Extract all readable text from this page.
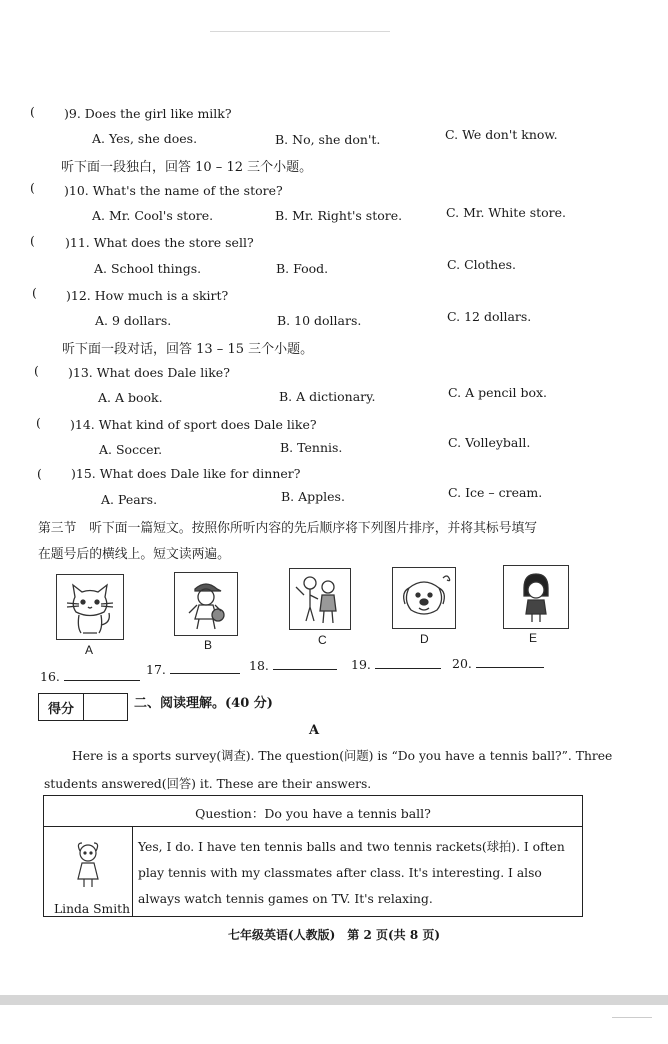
( )9. Does the girl like milk?
A. Yes, she does.	B. No, she don't.	C. We don't know.
听下面一段独白，回答 10 – 12 三个小题。
( )10. What's the name of the store?
A. Mr. Cool's store.	B. Mr. Right's store.	C. Mr. White store.
( )11. What does the store sell?
A. School things.	B. Food.	C. Clothes.
( )12. How much is a skirt?
A. 9 dollars.	B. 10 dollars.	C. 12 dollars.
听下面一段对话，回答 13 – 15 三个小题。
( )13. What does Dale like?
A. A book.	B. A dictionary.	C. A pencil box.
( )14. What kind of sport does Dale like?
A. Soccer.	B. Tennis.	C. Volleyball.
( )15. What does Dale like for dinner?
A. Pears.	B. Apples.	C. Ice – cream.
第三节　听下面一篇短文。按照你所听内容的先后顺序将下列图片排序，并将其标号填写
在题号后的横线上。短文读两遍。
A	B	C	D	E
16.	17.	18.	19.	20.
得分	二、阅读理解。(40 分)
A
Here is a sports survey(调查). The question(问题) is “Do you have a tennis ball?”. Three
students answered(回答) it. These are their answers.
Question：Do you have a tennis ball?
Linda Smith
Yes, I do. I have ten tennis balls and two tennis rackets(球拍). I often play tennis with my classmates after class. It's interesting. I also always watch tennis games on TV. It's relaxing.
七年级英语(人教版)　第 2 页(共 8 页)
